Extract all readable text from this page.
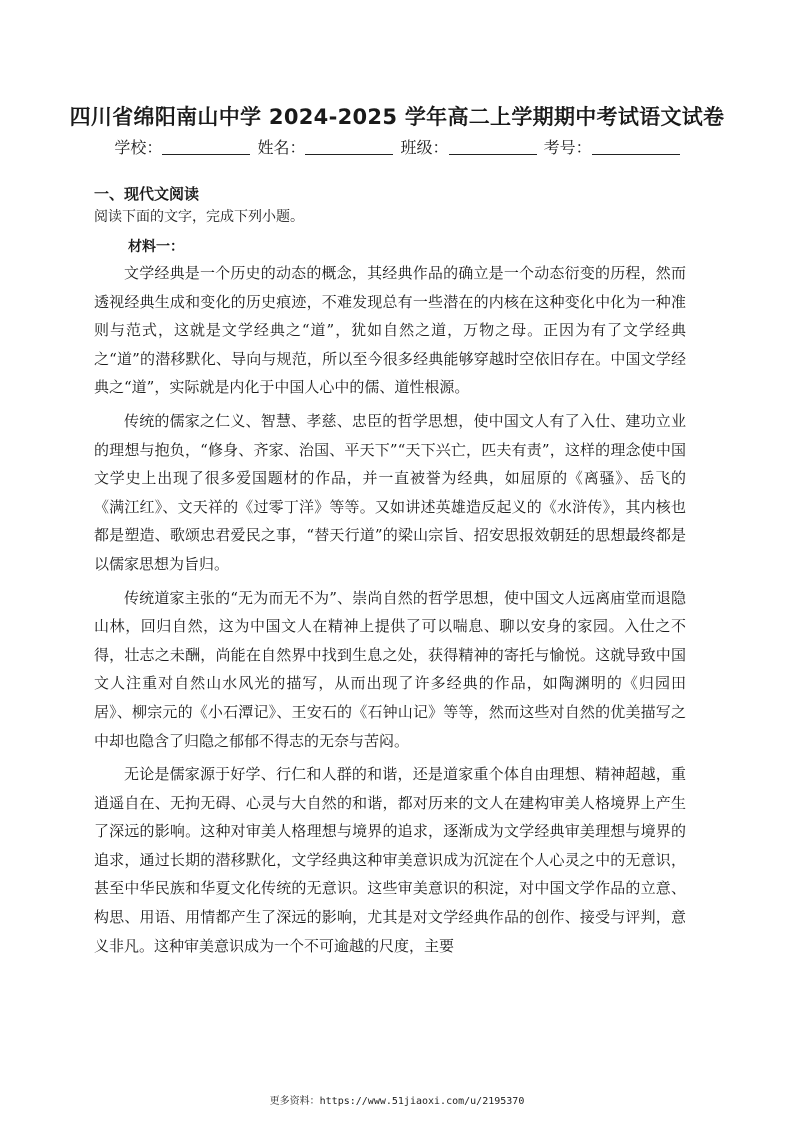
四川省绵阳南山中学 2024-2025 学年高二上学期期中考试语文试卷
学校：	姓名：	班级：	考号：
一、现代文阅读
阅读下面的文字，完成下列小题。
材料一：

文学经典是一个历史的动态的概念，其经典作品的确立是一个动态衍变的历程，然而透视经典生成和变化的历史痕迹，不难发现总有一些潜在的内核在这种变化中化为一种准则与范式，这就是文学经典之“道”，犹如自然之道，万物之母。正因为有了文学经典之“道”的潜移默化、导向与规范，所以至今很多经典能够穿越时空依旧存在。中国文学经典之“道”，实际就是内化于中国人心中的儒、道性根源。

传统的儒家之仁义、智慧、孝慈、忠臣的哲学思想，使中国文人有了入仕、建功立业的理想与抱负，“修身、齐家、治国、平天下”“天下兴亡，匹夫有责”，这样的理念使中国文学史上出现了很多爱国题材的作品，并一直被誉为经典，如屈原的《离骚》、岳飞的《满江红》、文天祥的《过零丁洋》等等。又如讲述英雄造反起义的《水浒传》，其内核也都是塑造、歌颂忠君爱民之事，“替天行道”的梁山宗旨、招安思报效朝廷的思想最终都是以儒家思想为旨归。

传统道家主张的“无为而无不为”、崇尚自然的哲学思想，使中国文人远离庙堂而退隐山林，回归自然，这为中国文人在精神上提供了可以喘息、聊以安身的家园。入仕之不得，壮志之未酬，尚能在自然界中找到生息之处，获得精神的寄托与愉悦。这就导致中国文人注重对自然山水风光的描写，从而出现了许多经典的作品，如陶渊明的《归园田居》、柳宗元的《小石潭记》、王安石的《石钟山记》等等，然而这些对自然的优美描写之中却也隐含了归隐之郁郁不得志的无奈与苦闷。

无论是儒家源于好学、行仁和人群的和谐，还是道家重个体自由理想、精神超越，重逍遥自在、无拘无碍、心灵与大自然的和谐，都对历来的文人在建构审美人格境界上产生了深远的影响。这种对审美人格理想与境界的追求，逐渐成为文学经典审美理想与境界的追求，通过长期的潜移默化，文学经典这种审美意识成为沉淀在个人心灵之中的无意识，甚至中华民族和华夏文化传统的无意识。这些审美意识的积淀，对中国文学作品的立意、构思、用语、用情都产生了深远的影响，尤其是对文学经典作品的创作、接受与评判，意义非凡。这种审美意识成为一个不可逾越的尺度，主要

更多资料：https://www.51jiaoxi.com/u/2195370
